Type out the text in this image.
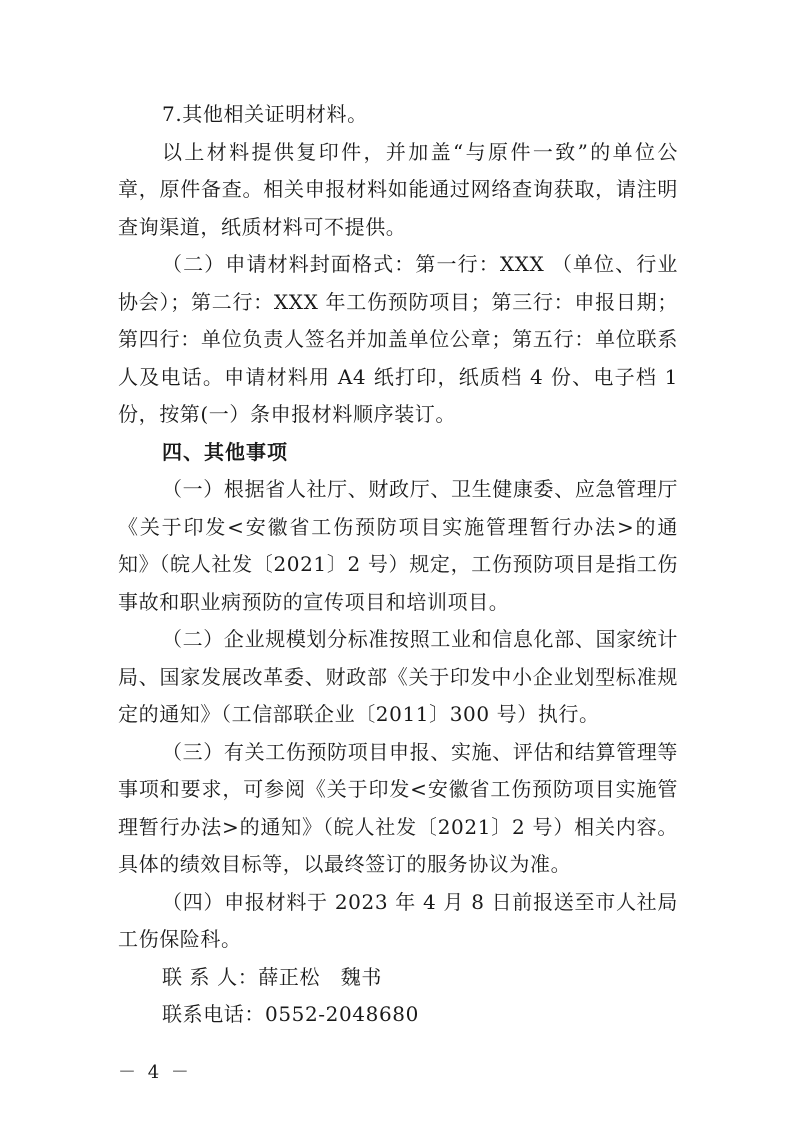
7.其他相关证明材料。

以上材料提供复印件，并加盖“与原件一致”的单位公章，原件备查。相关申报材料如能通过网络查询获取，请注明查询渠道，纸质材料可不提供。

（二）申请材料封面格式：第一行：XXX （单位、行业协会）；第二行：XXX 年工伤预防项目；第三行：申报日期；第四行：单位负责人签名并加盖单位公章；第五行：单位联系人及电话。申请材料用 A4 纸打印，纸质档 4 份、电子档 1 份，按第(一）条申报材料顺序装订。

四、其他事项

（一）根据省人社厅、财政厅、卫生健康委、应急管理厅《关于印发<安徽省工伤预防项目实施管理暂行办法>的通知》（皖人社发〔2021〕2 号）规定，工伤预防项目是指工伤事故和职业病预防的宣传项目和培训项目。

（二）企业规模划分标准按照工业和信息化部、国家统计局、国家发展改革委、财政部《关于印发中小企业划型标准规定的通知》（工信部联企业〔2011〕300 号）执行。

（三）有关工伤预防项目申报、实施、评估和结算管理等事项和要求，可参阅《关于印发<安徽省工伤预防项目实施管理暂行办法>的通知》（皖人社发〔2021〕2 号）相关内容。具体的绩效目标等，以最终签订的服务协议为准。

（四）申报材料于 2023 年 4 月 8 日前报送至市人社局工伤保险科。

联 系 人：薛正松　魏书

联系电话：0552-2048680

－ 4 －
